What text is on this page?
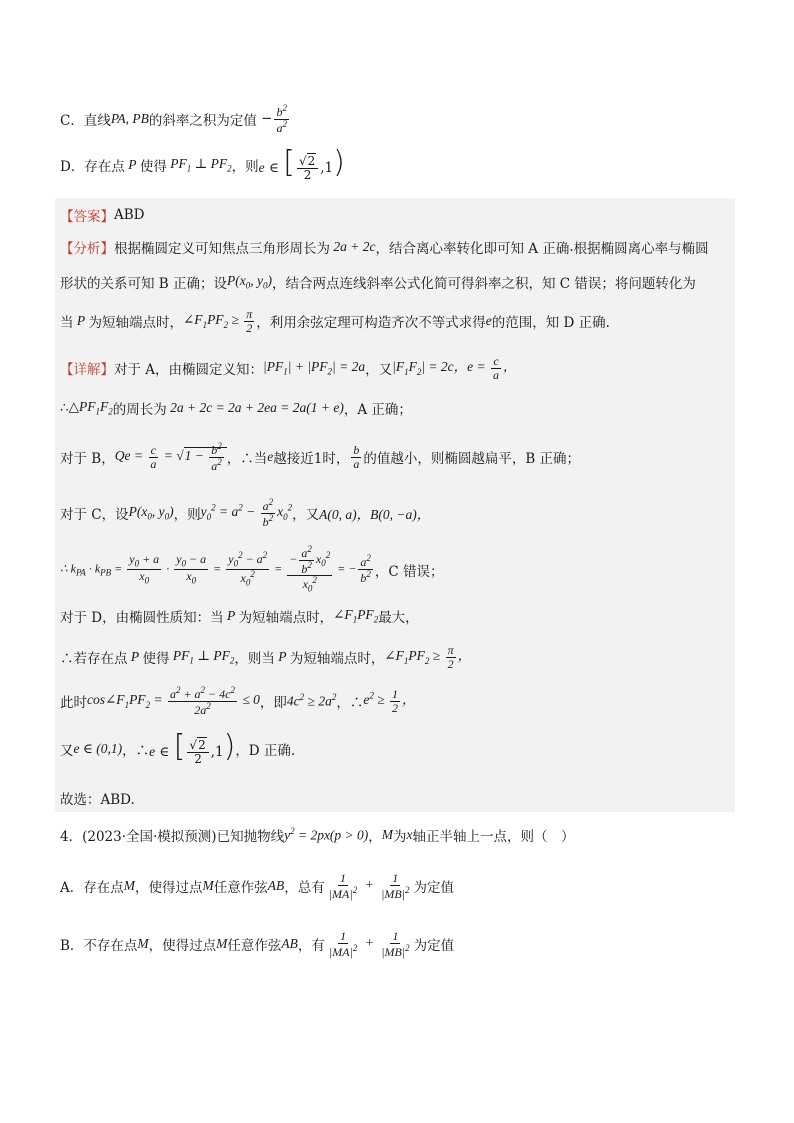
C． 直线 PA, PB 的斜率之积为定值 − $\frac{b^2}{a^2}$
D． 存在点 P 使得 $PF_1$ ⊥ $PF_2$ ，则 e ∈ [ $\frac{√2}{2} ,1$)
【答案】 ABD
【分析】 根据椭圆定义可知焦点三角形周长为 2a + 2c ，结合离心率转化即可知 A 正确 . 根据椭圆离心率与椭圆
形状的关系可知 B 正确；设 $P(x_0$, $y_0$) ，结合两点连线斜率公式化简可得斜率之积，知 C 错误；将问题转化为
当 P 为短轴端点时， $\angle F_1PF_2 \ge \frac{\pi}{2}$ ，利用余弦定理可构造齐次不等式求得 e 的范围，知 D 正确.
【详解】 对于 A，由椭圆定义知： $|PF_1| + |PF_2| = 2a$ ，又 $|F_1F_2| = 2c$，$e = \frac{c}{a}$ ，
∴ $\triangle PF_1F_2$ 的周长为 2a + 2c = 2a + 2ea = 2a(1 + e) ，A 正确；
对于 B， $Qe = \frac{c}{a} = √1 - \frac{b^2}{a^2}$ ，∴当 e 越接近1时， $\frac{b}{a}$ 的值越小，则椭圆越扁平，B 正确；
对于 C，设 $P(x_0$, $y_0$) ，则 $y_0^2 = a^2 - \frac{a^2}{b^2} x_0^2$ ，又 A(0, a)，B(0, −a)，
∴ $k_{PA} \cdot k_{PB} = \frac{y_0 + a}{x_0} \cdot \frac{y_0 - a}{x_0} = \frac{y_0^2 - a^2}{x_0^2} = \frac{- \frac{a^2}{b^2} x_0^2}{x_0^2}$ = − $\frac{a^2}{b^2}$ ，C 错误；
对于 D，由椭圆性质知：当 P 为短轴端点时， $\angle F_1PF_2$ 最大，
∴若存在点 P 使得 $PF_1$ ⊥ $PF_2$ ，则当 P 为短轴端点时， $\angle F_1PF_2 \ge \frac{\pi}{2}$ ，
此时 $\cos\angle F_1PF_2 = \frac{a^2 + a^2 - 4c^2}{2a^2} \le 0$ ，即 $4c^2 \ge 2a^2$ ，∴ $e^2 \ge \frac{1}{2}$ ，
又 e ∈ (0,1) ，∴ e ∈ [ $\frac{√2}{2} ,1$) ，D 正确.
故选：ABD.
4． (2023·全国·模拟预测) 已知抛物线 $y^2 = 2px(p > 0)$ ， M 为 x 轴正半轴上一点，则（　）
A． 存在点 M ，使得过点 M 任意作弦 AB ，总有 $\frac{1}{|MA|^2} + \frac{1}{|MB|^2}$ 为定值
B． 不存在点 M ，使得过点 M 任意作弦 AB ，有 $\frac{1}{|MA|^2} + \frac{1}{|MB|^2}$ 为定值
